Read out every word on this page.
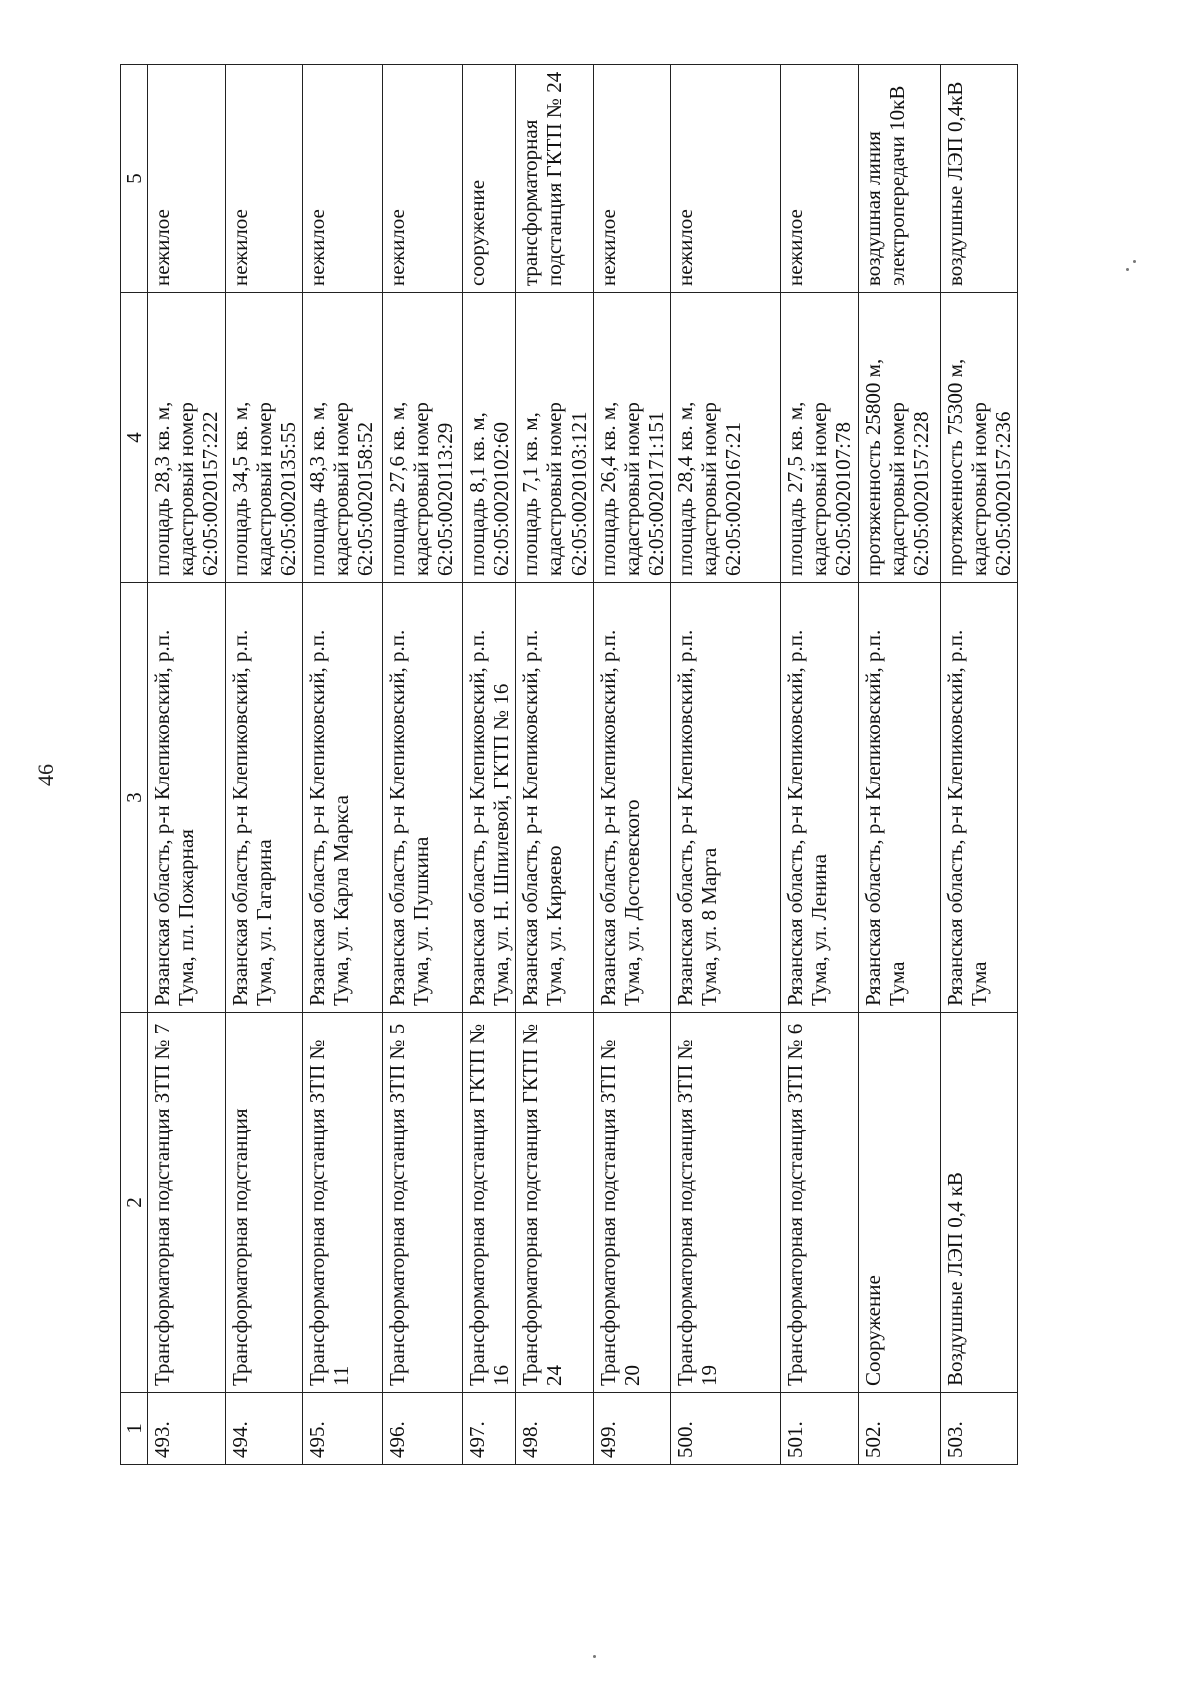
46
1	2	3	4	5
493.	Трансформаторная подстанция ЗТП № 7	Рязанская область, р-н Клепиковский, р.п. Тума, пл. Пожарная	площадь 28,3 кв. м, кадастровый номер 62:05:0020157:222	нежилое
494.	Трансформаторная подстанция	Рязанская область, р-н Клепиковский, р.п. Тума, ул. Гагарина	площадь 34,5 кв. м, кадастровый номер 62:05:0020135:55	нежилое
495.	Трансформаторная подстанция ЗТП № 11	Рязанская область, р-н Клепиковский, р.п. Тума, ул. Карла Маркса	площадь 48,3 кв. м, кадастровый номер 62:05:0020158:52	нежилое
496.	Трансформаторная подстанция ЗТП № 5	Рязанская область, р-н Клепиковский, р.п. Тума, ул. Пушкина	площадь 27,6 кв. м, кадастровый номер 62:05:0020113:29	нежилое
497.	Трансформаторная подстанция ГКТП № 16	Рязанская область, р-н Клепиковский, р.п. Тума, ул. Н. Шпилевой, ГКТП № 16	площадь 8,1 кв. м, 62:05:0020102:60	сооружение
498.	Трансформаторная подстанция ГКТП № 24	Рязанская область, р-н Клепиковский, р.п. Тума, ул. Киряево	площадь 7,1 кв. м, кадастровый номер 62:05:0020103:121	трансформаторная подстанция ГКТП № 24
499.	Трансформаторная подстанция ЗТП № 20	Рязанская область, р-н Клепиковский, р.п. Тума, ул. Достоевского	площадь 26,4 кв. м, кадастровый номер 62:05:0020171:151	нежилое
500.	Трансформаторная подстанция ЗТП № 19	Рязанская область, р-н Клепиковский, р.п. Тума, ул. 8 Марта	площадь 28,4 кв. м, кадастровый номер 62:05:0020167:21	нежилое
501.	Трансформаторная подстанция ЗТП № 6	Рязанская область, р-н Клепиковский, р.п. Тума, ул. Ленина	площадь 27,5 кв. м, кадастровый номер 62:05:0020107:78	нежилое
502.	Сооружение	Рязанская область, р-н Клепиковский, р.п. Тума	протяженность 25800 м, кадастровый номер 62:05:0020157:228	воздушная линия электропередачи 10кВ
503.	Воздушные ЛЭП 0,4 кВ	Рязанская область, р-н Клепиковский, р.п. Тума	протяженность 75300 м, кадастровый номер 62:05:0020157:236	воздушные ЛЭП 0,4кВ
